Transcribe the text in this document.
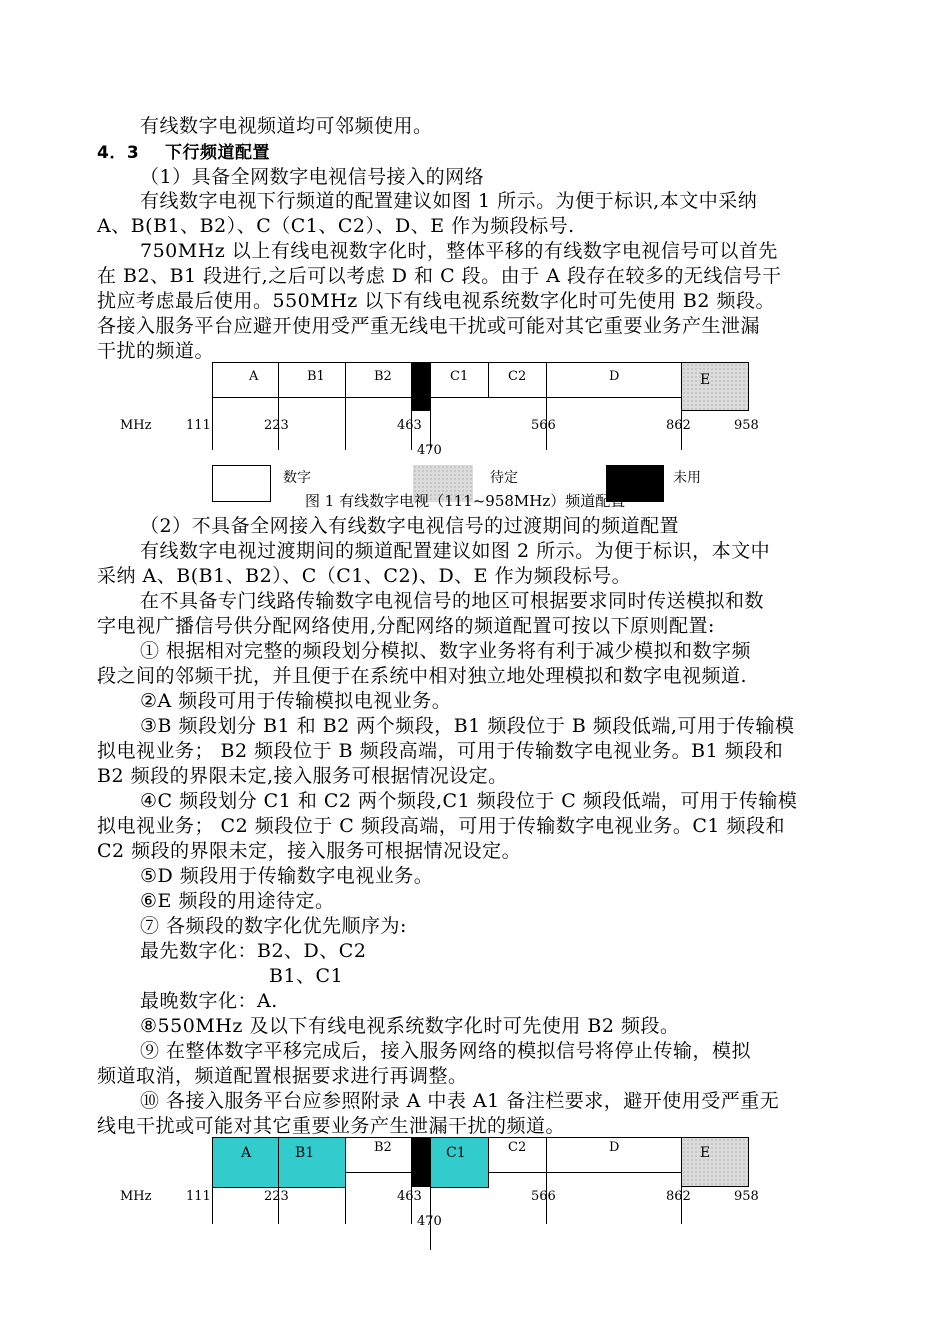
有线数字电视频道均可邻频使用。
4．3 下行频道配置
（1）具备全网数字电视信号接入的网络
有线数字电视下行频道的配置建议如图 1 所示。为便于标识,本文中采纳
A、B(B1、B2）、C（C1、C2）、D、E 作为频段标号.
750MHz 以上有线电视数字化时，整体平移的有线数字电视信号可以首先
在 B2、B1 段进行,之后可以考虑 D 和 C 段。由于 A 段存在较多的无线信号干
扰应考虑最后使用。550MHz 以下有线电视系统数字化时可先使用 B2 频段。
各接入服务平台应避开使用受严重无线电干扰或可能对其它重要业务产生泄漏
干扰的频道。
A	B1	B2	C1	C2	D	E
MHz	111	223	463	566	862	958
470
数字	待定	未用
图 1 有线数字电视（111~958MHz）频道配置
（2）不具备全网接入有线数字电视信号的过渡期间的频道配置
有线数字电视过渡期间的频道配置建议如图 2 所示。为便于标识，本文中
采纳 A、B(B1、B2）、C（C1、C2)、D、E 作为频段标号。
在不具备专门线路传输数字电视信号的地区可根据要求同时传送模拟和数
字电视广播信号供分配网络使用,分配网络的频道配置可按以下原则配置:
① 根据相对完整的频段划分模拟、数字业务将有利于减少模拟和数字频
段之间的邻频干扰，并且便于在系统中相对独立地处理模拟和数字电视频道.
②A 频段可用于传输模拟电视业务。
③B 频段划分 B1 和 B2 两个频段，B1 频段位于 B 频段低端,可用于传输模
拟电视业务； B2 频段位于 B 频段高端，可用于传输数字电视业务。B1 频段和
B2 频段的界限未定,接入服务可根据情况设定。
④C 频段划分 C1 和 C2 两个频段,C1 频段位于 C 频段低端，可用于传输模
拟电视业务； C2 频段位于 C 频段高端，可用于传输数字电视业务。C1 频段和
C2 频段的界限未定，接入服务可根据情况设定。
⑤D 频段用于传输数字电视业务。
⑥E 频段的用途待定。
⑦ 各频段的数字化优先顺序为:
最先数字化：B2、D、C2
B1、C1
最晚数字化：A.
⑧550MHz 及以下有线电视系统数字化时可先使用 B2 频段。
⑨ 在整体数字平移完成后，接入服务网络的模拟信号将停止传输，模拟
频道取消，频道配置根据要求进行再调整。
⑩ 各接入服务平台应参照附录 A 中表 A1 备注栏要求，避开使用受严重无
线电干扰或可能对其它重要业务产生泄漏干扰的频道。
A	B1	B2	C1	C2	D	E
MHz	111	223	463	566	862	958
470
